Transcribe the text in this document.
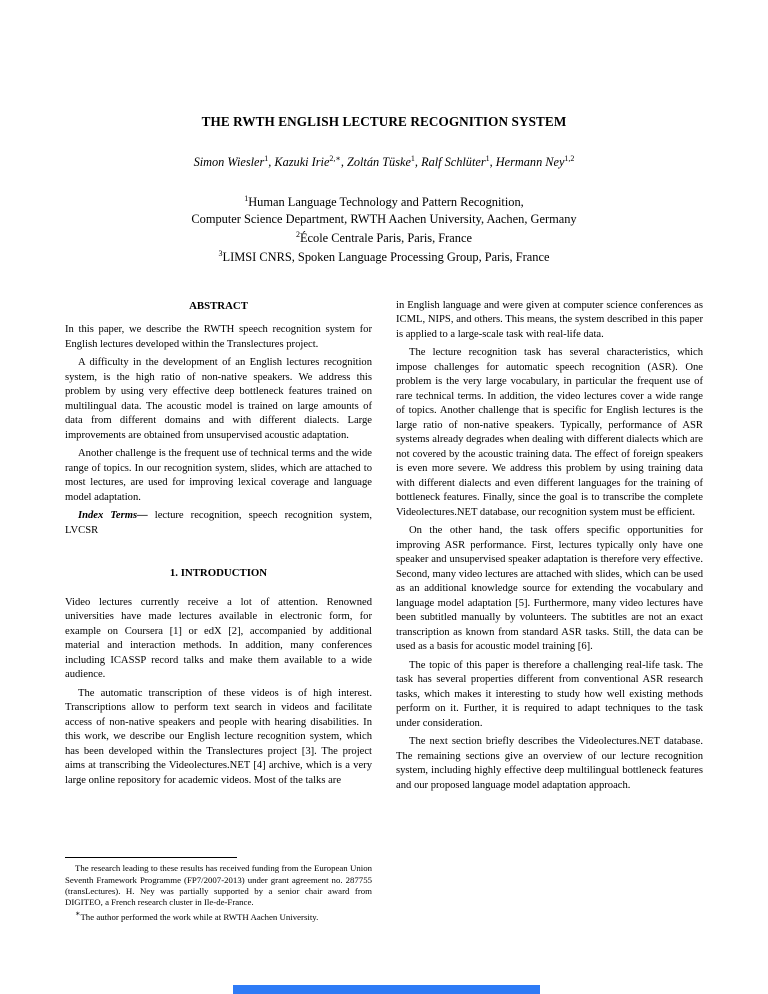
THE RWTH ENGLISH LECTURE RECOGNITION SYSTEM
Simon Wiesler$^1$, Kazuki Irie$^{2,∗}$, Zoltán Tüske$^1$, Ralf Schlüter$^1$, Hermann Ney$^{1,2}$
$^1$Human Language Technology and Pattern Recognition,
Computer Science Department, RWTH Aachen University, Aachen, Germany
$^2$École Centrale Paris, Paris, France
$^3$LIMSI CNRS, Spoken Language Processing Group, Paris, France
ABSTRACT

In this paper, we describe the RWTH speech recognition system for English lectures developed within the Translectures project.

A difficulty in the development of an English lectures recognition system, is the high ratio of non-native speakers. We address this problem by using very effective deep bottleneck features trained on multilingual data. The acoustic model is trained on large amounts of data from different domains and with different dialects. Large improvements are obtained from unsupervised acoustic adaptation.

Another challenge is the frequent use of technical terms and the wide range of topics. In our recognition system, slides, which are attached to most lectures, are used for improving lexical coverage and language model adaptation.

Index Terms— lecture recognition, speech recognition system, LVCSR

1. INTRODUCTION

Video lectures currently receive a lot of attention. Renowned universities have made lectures available in electronic form, for example on Coursera [1] or edX [2], accompanied by additional material and interaction methods. In addition, many conferences including ICASSP record talks and make them available to a wide audience.

The automatic transcription of these videos is of high interest. Transcriptions allow to perform text search in videos and facilitate access of non-native speakers and people with hearing disabilities. In this work, we describe our English lecture recognition system, which has been developed within the Translectures project [3]. The project aims at transcribing the Videolectures.NET [4] archive, which is a very large online repository for academic videos. Most of the talks are

The research leading to these results has received funding from the European Union Seventh Framework Programme (FP7/2007-2013) under grant agreement no. 287755 (transLectures). H. Ney was partially supported by a senior chair award from DIGITEO, a French research cluster in Ile-de-France.

∗The author performed the work while at RWTH Aachen University.

in English language and were given at computer science conferences as ICML, NIPS, and others. This means, the system described in this paper is applied to a large-scale task with real-life data.

The lecture recognition task has several characteristics, which impose challenges for automatic speech recognition (ASR). One problem is the very large vocabulary, in particular the frequent use of rare technical terms. In addition, the video lectures cover a wide range of topics. Another challenge that is specific for English lectures is the large ratio of non-native speakers. Typically, performance of ASR systems already degrades when dealing with different dialects which are not covered by the acoustic training data. The effect of foreign speakers is even more severe. We address this problem by using training data with different dialects and even different languages for the training of bottleneck features. Finally, since the goal is to transcribe the complete Videolectures.NET database, our recognition system must be efficient.

On the other hand, the task offers specific opportunities for improving ASR performance. First, lectures typically only have one speaker and unsupervised speaker adaptation is therefore very effective. Second, many video lectures are attached with slides, which can be used as an additional knowledge source for extending the vocabulary and language model adaptation [5]. Furthermore, many video lectures have been subtitled manually by volunteers. The subtitles are not an exact transcription as known from standard ASR tasks. Still, the data can be used as a basis for acoustic model training [6].

The topic of this paper is therefore a challenging real-life task. The task has several properties different from conventional ASR research tasks, which makes it interesting to study how well existing methods perform on it. Further, it is required to adapt techniques to the task under consideration.

The next section briefly describes the Videolectures.NET database. The remaining sections give an overview of our lecture recognition system, including highly effective deep multilingual bottleneck features and our proposed language model adaptation approach.
